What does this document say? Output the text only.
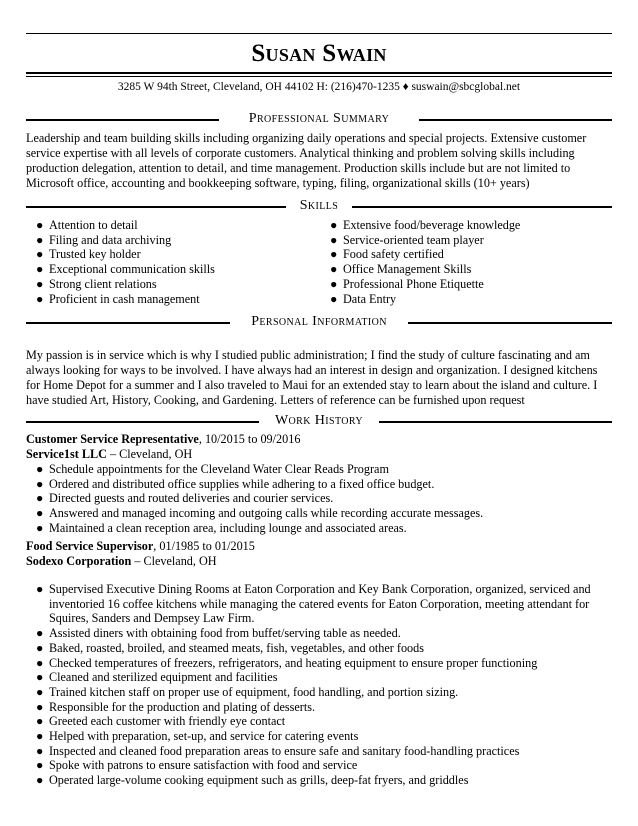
Susan Swain
3285 W 94th Street, Cleveland, OH 44102 H: (216)470-1235 ♦ suswain@sbcglobal.net
Professional Summary
Leadership and team building skills including organizing daily operations and special projects. Extensive customer service expertise with all levels of corporate customers. Analytical thinking and problem solving skills including production delegation, attention to detail, and time management. Production skills include but are not limited to Microsoft office, accounting and bookkeeping software, typing, filing, organizational skills (10+ years)
Skills
● Attention to detail
● Filing and data archiving
● Trusted key holder
● Exceptional communication skills
● Strong client relations
● Proficient in cash management
● Extensive food/beverage knowledge
● Service-oriented team player
● Food safety certified
● Office Management Skills
● Professional Phone Etiquette
● Data Entry
Personal Information
My passion is in service which is why I studied public administration; I find the study of culture fascinating and am always looking for ways to be involved. I have always had an interest in design and organization. I designed kitchens for Home Depot for a summer and I also traveled to Maui for an extended stay to learn about the island and culture. I have studied Art, History, Cooking, and Gardening. Letters of reference can be furnished upon request
Work History
Customer Service Representative, 10/2015 to 09/2016
Service1st LLC – Cleveland, OH
● Schedule appointments for the Cleveland Water Clear Reads Program
● Ordered and distributed office supplies while adhering to a fixed office budget.
● Directed guests and routed deliveries and courier services.
● Answered and managed incoming and outgoing calls while recording accurate messages.
● Maintained a clean reception area, including lounge and associated areas.
Food Service Supervisor, 01/1985 to 01/2015
Sodexo Corporation – Cleveland, OH
● Supervised Executive Dining Rooms at Eaton Corporation and Key Bank Corporation, organized, serviced and inventoried 16 coffee kitchens while managing the catered events for Eaton Corporation, meeting attendant for Squires, Sanders and Dempsey Law Firm.
● Assisted diners with obtaining food from buffet/serving table as needed.
● Baked, roasted, broiled, and steamed meats, fish, vegetables, and other foods
● Checked temperatures of freezers, refrigerators, and heating equipment to ensure proper functioning
● Cleaned and sterilized equipment and facilities
● Trained kitchen staff on proper use of equipment, food handling, and portion sizing.
● Responsible for the production and plating of desserts.
● Greeted each customer with friendly eye contact
● Helped with preparation, set-up, and service for catering events
● Inspected and cleaned food preparation areas to ensure safe and sanitary food-handling practices
● Spoke with patrons to ensure satisfaction with food and service
● Operated large-volume cooking equipment such as grills, deep-fat fryers, and griddles
